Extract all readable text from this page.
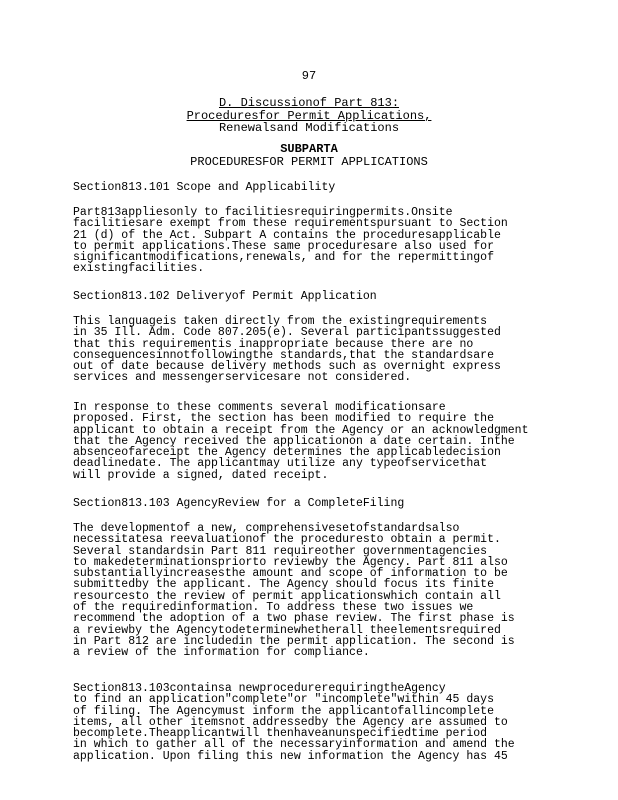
97
D. Discussionof Part 813:
Proceduresfor Permit Applications,
Renewalsand Modifications
SUBPARTA
PROCEDURESFOR PERMIT APPLICATIONS
Section813.101 Scope and Applicability
Part813appliesonly to facilitiesrequiringpermits.Onsite
facilitiesare exempt from these requirementspursuant to Section
21 (d) of the Act. Subpart A contains the proceduresapplicable
to permit applications.These same proceduresare also used for
significantmodifications,renewals, and for the repermittingof
existingfacilities.
Section813.102 Deliveryof Permit Application
This languageis taken directly from the existingrequirements
in 35 Ill. Adm. Code 807.205(e). Several participantssuggested
that this requirementis inappropriate because there are no
consequencesinnotfollowingthe standards,that the standardsare
out of date because delivery methods such as overnight express
services and messengerservicesare not considered.
In response to these comments several modificationsare
proposed. First, the section has been modified to require the
applicant to obtain a receipt from the Agency or an acknowledgment
that the Agency received the applicationon a date certain. Inthe
absenceofareceipt the Agency determines the applicabledecision
deadlinedate. The applicantmay utilize any typeofservicethat
will provide a signed, dated receipt.
Section813.103 AgencyReview for a CompleteFiling
The developmentof a new, comprehensivesetofstandardsalso
necessitatesa reevaluationof the proceduresto obtain a permit.
Several standardsin Part 811 requireother governmentagencies
to makedeterminationspriorto reviewby the Agency. Part 811 also
substantiallyincreasesthe amount and scope of information to be
submittedby the applicant. The Agency should focus its finite
resourcesto the review of permit applicationswhich contain all
of the requiredinformation. To address these two issues we
recommend the adoption of a two phase review. The first phase is
a reviewby the Agencytodeterminewhetherall theelementsrequired
in Part 812 are includedin the permit application. The second is
a review of the information for compliance.
Section813.103containsa newprocedurerequiringtheAgency
to find an application"complete"or "incomplete"within 45 days
of filing. The Agencymust inform the applicantofallincomplete
items, all other itemsnot addressedby the Agency are assumed to
becomplete.Theapplicantwill thenhaveanunspecifiedtime period
in which to gather all of the necessaryinformation and amend the
application. Upon filing this new information the Agency has 45
